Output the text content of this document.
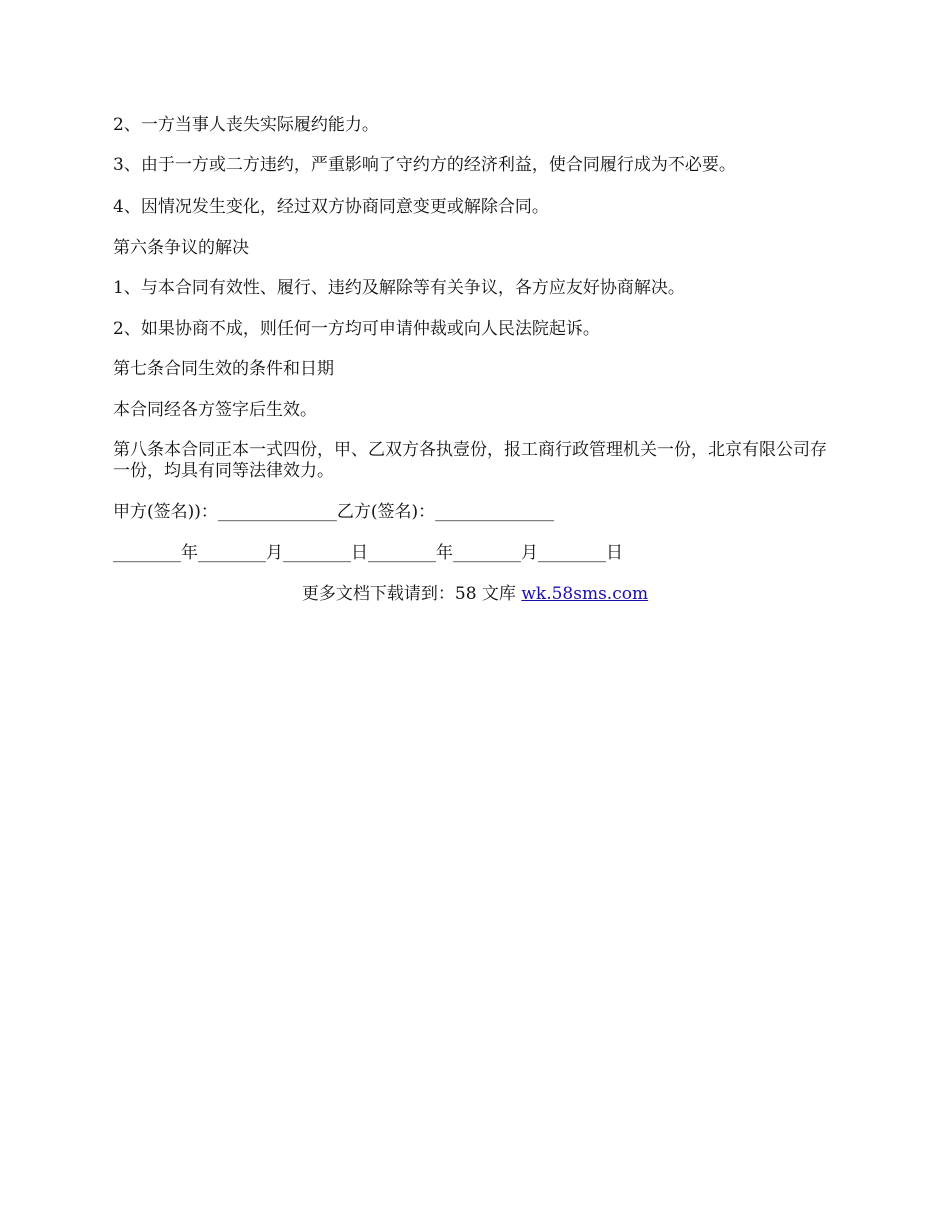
2、一方当事人丧失实际履约能力。
3、由于一方或二方违约，严重影响了守约方的经济利益，使合同履行成为不必要。
4、因情况发生变化，经过双方协商同意变更或解除合同。
第六条争议的解决
1、与本合同有效性、履行、违约及解除等有关争议，各方应友好协商解决。
2、如果协商不成，则任何一方均可申请仲裁或向人民法院起诉。
第七条合同生效的条件和日期
本合同经各方签字后生效。
第八条本合同正本一式四份，甲、乙双方各执壹份，报工商行政管理机关一份，北京有限公司存一份，均具有同等法律效力。
甲方(签名))：______________乙方(签名)：______________
________年________月________日________年________月________日
更多文档下载请到：58 文库 wk.58sms.com
